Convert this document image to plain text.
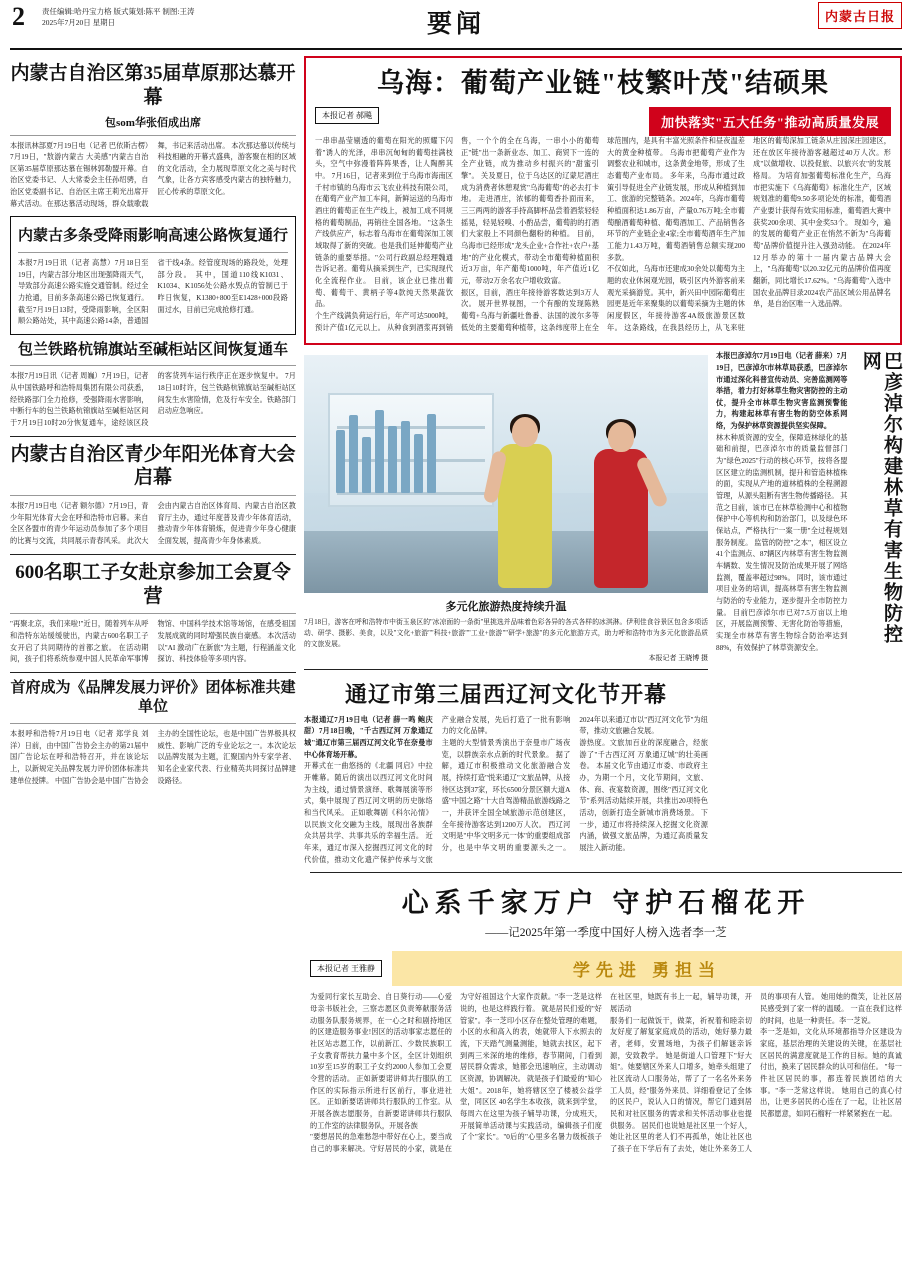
2	责任编辑:哈丹宝力格 版式策划:陈平 制图:王涛
2025年7月20日 星期日	要闻	内蒙古日报
内蒙古自治区第35届草原那达慕开幕
包som华张佰成出席
本报讯林部夏7月19日电（记者 巴依斯古楞）7月19日，"敖游内蒙古 大美感"内蒙古自治区第35届草原那达慕在锡林郭勒盟开幕。自治区党委书记、人大常委会主任孙绍骋，自治区党委副书记、自治区主席王莉光出席开幕式活动。在那达慕活动现场，群众载歌载舞，书记来活动出席。 本次那达慕以传统与科技相融的开幕式盛典，游客聚在相的区域的文化活动，全力展现草原文化之美与时代气象，让各方宾客感受内蒙古的独特魅力，匠心传承的草原文化。
内蒙古多条受降雨影响高速公路恢复通行
本报7月19日讯（记者 高慧）7月18日至19日，内蒙古部分地区出现强降雨天气，导致部分高速公路实施交通管制。经过全力抢通，目前多条高速公路已恢复通行。 截至7月19日13时，受降雨影响，全区阳顺公路站处，其中高速公路14条，普通国省干线4条。经管度现场的路段处，处理部分段。 其中，国道110线K1031、K1034、K1056处公路水毁点的管制已于昨日恢复，K1380+800至E1428+000段路面过水，目前已完成抢修打通。
包兰铁路杭锦旗站至碱柜站区间恢复通车
本报7月19日讯（记者 周巍）7月19日，记者从中国铁路呼和浩特局集团有限公司获悉，经铁路部门全力抢修，受强降雨水害影响，中断行车的包兰铁路杭锦旗站至碱柜站区间于7月19日10时20分恢复通车，途经该区段的客货列车运行秩序正在逐步恢复中。 7月18日10时许，包兰铁路杭锦旗站至碱柜站区间发生水害险情，危及行车安全。铁路部门启动应急响应。
内蒙古自治区青少年阳光体育大会启幕
本报7月19日电（记者 额尔德）7月19日，青少年阳光体育大会在呼和浩特市启幕。来自全区各盟市的青少年运动员参加了多个项目的比赛与交流，共同展示青春风采。 此次大会由内蒙古自治区体育局、内蒙古自治区教育厅主办，通过年度普及青少年体育活动，推动青少年体育锻炼，促进青少年身心健康全面发展，提高青少年身体素质。
600名职工子女赴京参加工会夏令营
"再聚北京，我们来啦!"近日，随着列车从呼和浩特东站缓缓驶出，内蒙古600名职工子女开启了共同期待的首都之旅。 在活动期间，孩子们将系统参观中国人民革命军事博物馆、中国科学技术馆等场馆，在感受祖国发展成就的同时增强民族自豪感。 本次活动以"AI 激动广在新旅"为主题，行程涵盖文化探访、科技体验等多项内容。
首府成为《品牌发展力评价》团体标准共建单位
本报呼和浩特7月19日电（记者 郑学良 刘洋）日前，由中国广告协会主办的第21届中国广告论坛在呼和浩特召开，并在该论坛上，以新规定关品牌发展力评价团体标准共建单位授牌。 中国广告协会是中国广告协会主办的全国性论坛，也是中国广告界极具权威性、影响广泛的专业论坛之一。本次论坛以品牌发展为主题，汇聚国内外专家学者、知名企业家代表、行业精英共同探讨品牌建设路径。
乌海：葡萄产业链"枝繁叶茂"结硕果
本报记者 郝飚	加快落实"五大任务"推动高质量发展
一串串晶莹剔透的葡萄在阳光的照耀下闪着"诱人的光泽，串串沉甸甸的葡萄挂满枝头，空气中弥漫着阵阵果香，让人陶醉其中。 7月16日，记者来到位于乌海市海南区千村市镇的乌海市云飞农业科技有限公司，在葡萄产业产加工车间，新鲜运送的乌海市酒庄的葡萄正在生产线上，被加工成不同规格的葡萄制品，再销往全国各地。 "这条生产线供应产，标志着乌海市在葡萄深加工领域取得了新的突破。也是我们延伸葡萄产业链条的重要举措。"公司行政副总经理魏通告诉记者。葡萄从摘采到生产，已实现现代化全流程作业。 目前，该企业已推出葡萄、葡萄干、黄柄子等4款纯天然果蔬饮品。
个生产线满负荷运行后，年产可达5000吨，预计产值1亿元以上。 从种食到酒浆再到销售，一个个的全在乌海，一串小小的葡萄正"链"出一条新业态、加工、商贸下一连的全产业链，成为推动乡村振兴的"甜蜜引擎"。 关及夏日，位于乌达区的辽蒙尼酒庄成为消费者休憩观赏"乌海葡萄"的必去打卡地。 走进酒庄，浓郁的葡萄香扑面而来，三三两两的游客手持高脚杯品尝着酒浆轻轻摇晃，轻晃轻嗅、小酌品尝，葡萄韵的打酒们大家般上不同颜色翻粉的种植。 目前，乌海市已经形成"龙头企业+合作社+农户+基地"的产业化模式，带动全市葡萄种植面积近3万亩，年产葡萄1000吨，年产值近1亿元，带动2万余名农户增收致富。
振区，目前，酒庄年接待游客数达到3万人次。 展开世界视图，一个有酿的发现陈熟葡萄+乌海与新疆吐鲁番、法国的波尔多等低处的主要葡萄种植带，这条纬度带上在全球范围内，是具有丰富光照条件和昼夜温差大的黄金种植带。 乌海市把葡萄产业作为调整农业和城市，这条黄金地带，形成了生态葡萄产业布局。 多年来，乌海市通过政策引导促进全产业链发展，形成从种植到加工、旅游的完整链条。2024年，乌海市葡萄种植面积达1.86万亩，产量0.76万吨;全市葡萄酿酒葡萄种植、葡萄酒加工、产品销售各环节的产业链企业4家;全市葡萄酒年生产加工能力1.43万吨，葡萄酒销售总额实现200多款。
不仅如此，乌海市还建成30余处以葡萄为主题的农业休闲观光园，吸引区内外游客前来观光采摘游览。其中，新兴田中园际葡萄庄园更是近年来聚集的以葡萄采摘为主题的休闲度假区，年接待游客4A级旅游景区数年。 这条路线，在我县经历上，从飞来驻地区的葡萄深加工链条从庄园深庄园建区，还在放区年接待游客越超过40万人次。形成"以做增收、以投促旅、以旅兴农"的发展格局。 为培育加强葡萄标准化生产，乌海市把实施下《乌海葡萄》标准化生产，区域规划准的葡萄9.50多项论处的标准，葡萄酒产业要计获得有效实用标准，葡萄酒大赛中获奖200余项、其中金奖53个。 现如今，遍的发展的葡萄产业正在悄然不新为"乌海葡萄"品牌价值提升注入强劲动能。 在2024年12月举办的第十一届内蒙古品牌大会上，"乌海葡萄"以20.32亿元的品牌价值再度翻新，同比增长17.62%。"乌海葡萄"入选中国农业品牌目录2024农产品区域公用品牌名单，是自治区唯一入选品牌。
多元化旅游热度持续升温
7月18日，游客在呼和浩特市中街玉泉区的"冰凉面的一条街"里挑选并品味着色彩各异的各式各样的冰淇淋。伊利佳食谷景区包含多项活动、研学、摄影、美食，以及"文化+旅游""科技+旅游""工业+旅游""研学+旅游"的多元化旅游方式，助力呼和浩特市为多元化旅游品质的文旅发展。
本报记者 王晓博 摄
通辽市第三届西辽河文化节开幕
本报通辽7月19日电（记者 薛一鸣 鲍庆甜）7月18日晚，"千古西辽河 万象通辽城"通辽市第三届西辽河文化节在奈曼市中心体育场开幕。
开幕式在一曲悠扬的《北疆 同启》中拉开帷幕。随后的演出以西辽河文化时间为主线，通过情景演绎、歌舞展演等形式，集中展现了西辽河文明的历史脉络和当代风采。 正如歌舞剧《科尔沁情》以民族文化交融为主线，展现出各族群众共居共学、共事共乐的幸福生活。 近年来，通辽市深入挖掘西辽河文化的时代价值，推动文化遗产保护传承与文旅产业融合发展，先后打造了一批有影响力的文化品牌。
主题的大型情景秀演出于奈曼市广场夜览，以群族亲水点新的时代景象。 据了解，通辽市积极推动文化旅游融合发展，持续打造"悦来通辽"文旅品牌，从接待区达到37家，环长6500分景区额大道A盛"中国之路"十大自驾游精品旅游线路之一，并获评全国全域旅游示范创建区，全年接待游客达到1200万人次。 西辽河文明是"中华文明多元一体"的重要组成部分，也是中华文明的重要源头之一。2024年以来通辽市以"西辽河文化节"为纽带，推动文旅融合发展。
游热度。文旅加百业的深度融合，经旅游了"千古西辽河 万象通辽城"的壮美画卷。 本届文化节由通辽市委、市政府主办，为期一个月，文化节期间，文旅、体、商、夜宴数资源，围绕"西辽河文化节"系列活动陆续开展，共推出20项特色活动，创新打造全新城市消费场景。 下一步，通辽市将持续深入挖掘文化资源内涵，做强文旅品牌，为通辽高质量发展注入新动能。
本报巴彦淖尔7月19日电（记者 薛来）7月19日，巴彦淖尔市林草局获悉，巴彦淖尔市通过深化科普宣传动员、完善监测网等举措，着力打好林草生物灾害防控的主动仗，提升全市林草生物灾害监测预警能力，构建起林草有害生物的防空体系网络，为保护林草资源提供坚实保障。
林木种质资源的安全，保障造林绿化的基础和前提，巴彦淖尔市的质量监督部门为"绿色2025"行动的核心环节，按将各盟区区建立的监测机制，提升和管造林植株的面，实现从产地的道林植株的全程溯源管理，从源头阻断有害生物传播路径。 其范之目前，该市已在林草检测中心和植物保护中心等机构和防治部门，以及绿色环保站点，严格执行"一案一册"全过程规划服务制度。 监管的防控"之本"，相区设立41个监测点、87辆区内林草有害生物监测车辆数、发生情况及防治成果开展了网络监测，覆盖率超过98%。 同时，该市通过项目业务的培训，提高林草有害生物监测与防治的专业能力，逐步提升全市防控力量。 目前巴彦淖尔市已对7.5万亩以上地区，开展监测预警、无害化防治等措施，实现全市林草有害生物综合防治率达到88%，有效保护了林草资源安全。
巴彦淖尔构建林草有害生物防控网
心系千家万户 守护石榴花开
——记2025年第一季度中国好人榜入选者李一芝
本报记者 王雅静	学先进 勇担当
为爱同行家长互助会、自日葵行动——心爱母亲书版社会，三察志愿区负责筹献服务活动服务队服务规界，在一心之时和剧持地区的区建造服务事业!因区的活动事家志愿任的社区站志愿工作，以前新江、少数民族职工子女教育帮扶力量中多个区，全区计划组织10岁至15岁的职工子女约2000人参加工会夏令营的活动。 正如新要诺讲师共行服队的工作区的实际指示所进行区前行，事业进社区。 正如新要诺讲师共行服队的工作室。从开展各族志愿服务，自新要诺讲师共行服队的工作室的法律服务队，开展各族
"要想居民的急难愁怨中带好在心上，要当成自己的事来解决。守好居民的小家，就是在为守好祖国这个大家作贡献。"李一芝是这样说的，也是这样践行着。 就是居民们爱的"好管家"。李一芝印小区存在整处管理的难题，小区的水和高入的表，她就带人下水照去的流，下天踏气测量测能，她就去找区，起下到两三米深的地的维修，春节期间，门看到居民群众需求，她都会迅速响应，主动调动区资源，协调解决。 就是孩子们最爱的"知心大姐"。2018年，她将辖区空了楼被公益学堂，同区区 40名学生本收孩，就来到学堂，每周六在这里为孩子辅导功课，分成班天，开展简单活动课与实践活动，编辑孩子们度了个"家长"。"0后的"心里多名暑力级板孩子在社区里，她既有书上一起，辅导功课，开展活动
服务们一起做饭干，做菜，祈祝着和睦亲切友好度了解复家庭成员的活动，她好暴力最者，老师，安置场地，为孩子们解谜亲诉源，安致教学。 她是街道人口管理下"好大姐"。她要辖区外来人口增多，她牵头组建了社区流动人口服务站，帮了了一名名外来务工人员，经"服务外来员、详细看登记了全体的区民户，说认入口的情况，帮它门通到居民和对社区服务的需求和关怀活动事业也提供服务。 居民们也说她是社区里一个好人，她让社区里的老人们不再孤单，她让社区也了孩子在下学后有了去处，她让外来务工人员的事项有人管。 她用她的微笑，让社区居民感受到了家一样的温暖。 一直在我们这样的时间，也是一种责任。李一芝说。
李一芝是如，文化从环境都指导介区建设为家庭，基层治理的关建设的关键，在基层社区居民的满意度就是工作的目标。她的真诚付出，换来了居民群众的认可和信任。 "每一件社区居民的事，都连着民族团结的大事。"李一芝常这样说。 她用自己的真心付出，让更多居民的心连在了一起，让社区居民都愿意，如同石榴籽一样紧紧抱在一起。
